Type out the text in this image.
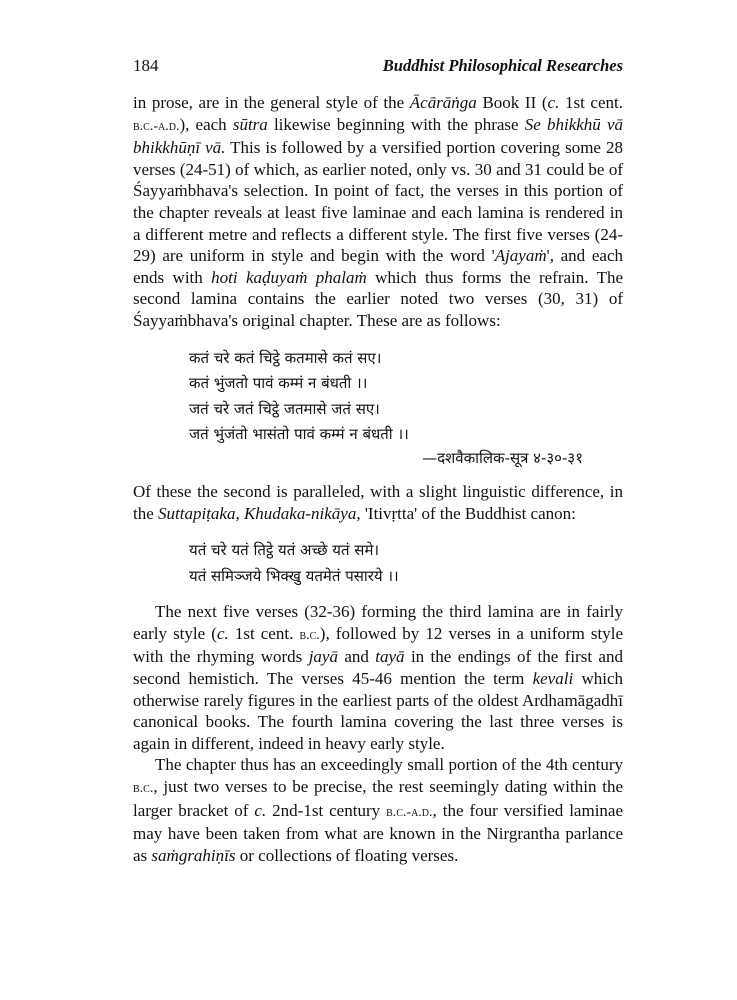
184	Buddhist Philosophical Researches

in prose, are in the general style of the Ācārāṅga Book II (c. 1st cent. b.c.-a.d.), each sūtra likewise beginning with the phrase Se bhikkhū vā bhikkhūṇī vā. This is followed by a versified portion covering some 28 verses (24-51) of which, as earlier noted, only vs. 30 and 31 could be of Śayyaṁbhava's selection. In point of fact, the verses in this portion of the chapter reveals at least five laminae and each lamina is rendered in a different metre and reflects a different style. The first five verses (24-29) are uniform in style and begin with the word 'Ajayaṁ', and each ends with hoti kaḍuyaṁ phalaṁ which thus forms the refrain. The second lamina contains the earlier noted two verses (30, 31) of Śayyaṁbhava's original chapter. These are as follows:

कतं चरे कतं चिट्ठे कतमासे कतं सए।
कतं भुंजतो पावं कम्मं न बंधती ।।
जतं चरे जतं चिट्ठे जतमासे जतं सए।
जतं भुंजंतो भासंतो पावं कम्मं न बंधती ।।
—दशवैकालिक-सूत्र ४-३०-३१

Of these the second is paralleled, with a slight linguistic difference, in the Suttapiṭaka, Khudaka-nikāya, 'Itivṛtta' of the Buddhist canon:

यतं चरे यतं तिट्ठे यतं अच्छे यतं समे।
यतं समिञ्जये भिक्खु यतमेतं पसारये ।।

The next five verses (32-36) forming the third lamina are in fairly early style (c. 1st cent. b.c.), followed by 12 verses in a uniform style with the rhyming words jayā and tayā in the endings of the first and second hemistich. The verses 45-46 mention the term kevali which otherwise rarely figures in the earliest parts of the oldest Ardhamāgadhī canonical books. The fourth lamina covering the last three verses is again in different, indeed in heavy early style.

The chapter thus has an exceedingly small portion of the 4th century b.c., just two verses to be precise, the rest seemingly dating within the larger bracket of c. 2nd-1st century b.c.-a.d., the four versified laminae may have been taken from what are known in the Nirgrantha parlance as saṁgrahiṇīs or collections of floating verses.
